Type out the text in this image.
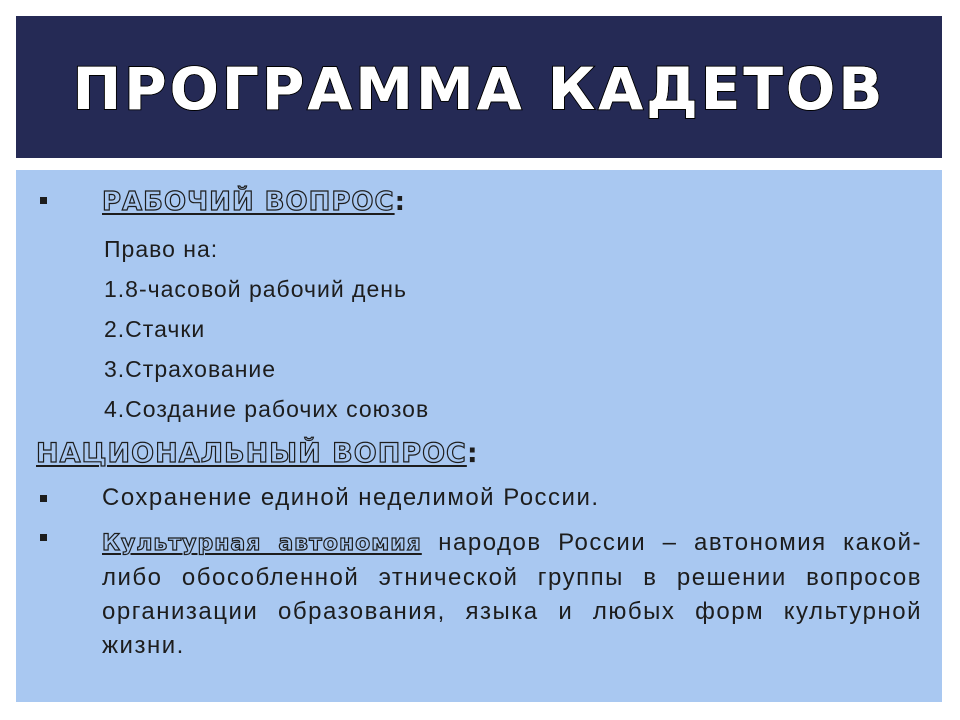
ПРОГРАММА КАДЕТОВ
РАБОЧИЙ ВОПРОС:
Право на:
1.8-часовой рабочий день
2.Стачки
3.Страхование
4.Создание рабочих союзов
НАЦИОНАЛЬНЫЙ ВОПРОС:
Сохранение единой неделимой России.
Культурная автономия народов России – автономия какой-либо обособленной этнической группы в решении вопросов организации образования, языка и любых форм культурной жизни.
